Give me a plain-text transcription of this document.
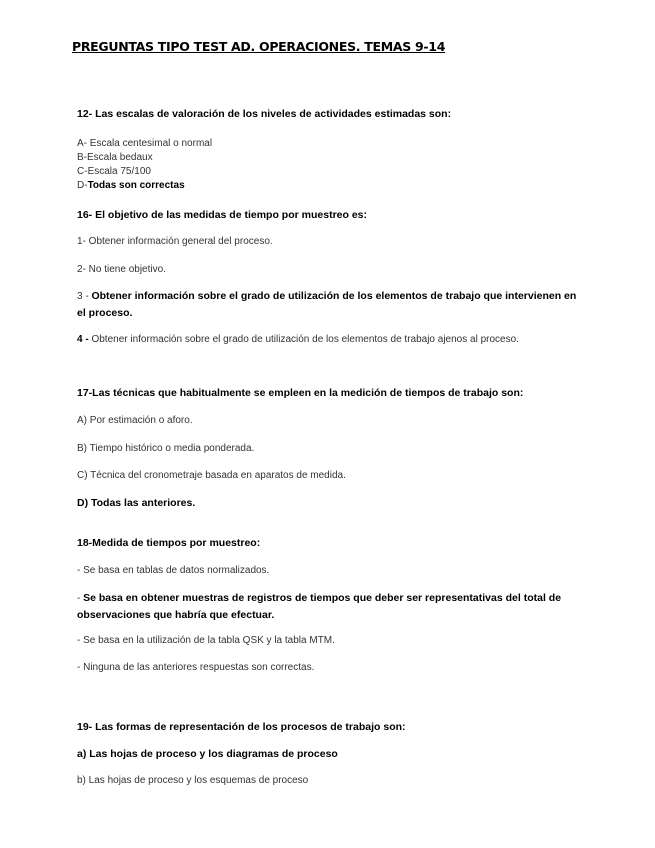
PREGUNTAS TIPO TEST AD. OPERACIONES. TEMAS 9-14
12- Las escalas de valoración de los niveles de actividades estimadas son:
A- Escala centesimal o normal
B-Escala bedaux
C-Escala 75/100
D-Todas son correctas
16- El objetivo de las medidas de tiempo por muestreo es:
1- Obtener información general del proceso.
2- No tiene objetivo.
3 - Obtener información sobre el grado de utilización de los elementos de trabajo que intervienen en el proceso.
4 - Obtener información sobre el grado de utilización de los elementos de trabajo ajenos al proceso.
17-Las técnicas que habitualmente se empleen en la medición de tiempos de trabajo son:
A) Por estimación o aforo.
B) Tiempo histórico o media ponderada.
C) Técnica del cronometraje basada en aparatos de medida.
D) Todas las anteriores.
18-Medida de tiempos por muestreo:
- Se basa en tablas de datos normalizados.
- Se basa en obtener muestras de registros de tiempos que deber ser representativas del total de observaciones que habría que efectuar.
- Se basa en la utilización de la tabla QSK y la tabla MTM.
- Ninguna de las anteriores respuestas son correctas.
19- Las formas de representación de los procesos de trabajo son:
a) Las hojas de proceso y los diagramas de proceso
b) Las hojas de proceso y los esquemas de proceso
